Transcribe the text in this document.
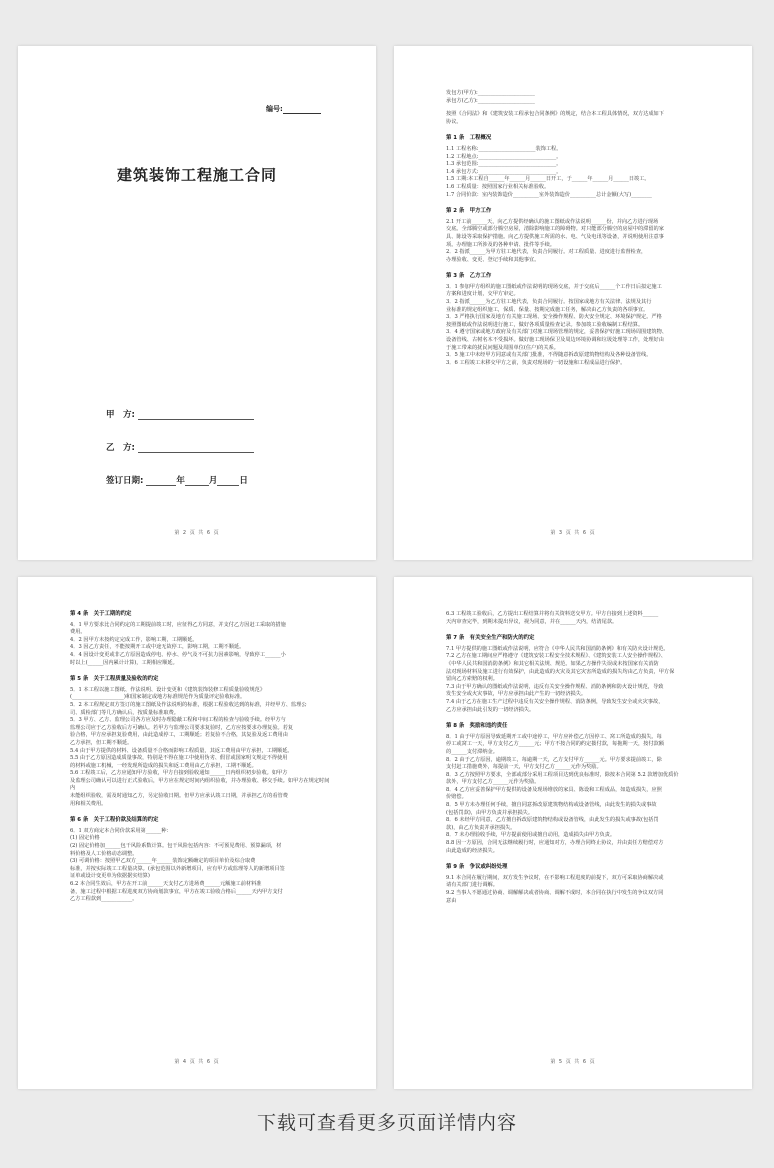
编号:
建筑装饰工程施工合同
甲　方:
乙　方:
签订日期:	年	月	日
第 2 页 共 6 页

发包方(甲方):______________________

承包方(乙方):______________________

按照《合同法》和《建筑安装工程承包合同条例》的规定，结合本工程具体情况，双方达成如下

协议。

第 1 条　工程概况

1.1 工程名称:______________________装饰工程。

1.2 工程地点:______________________________。

1.3 承包范围:______________________________。

1.4 承包方式:______________________________。

1.5 工期:本工程自______年______月______日开工，于______年______月______日竣工。

1.6 工程质量：按照国家行业相关标准验收。

1.7 合同价款：室内装饰造价__________室外装饰造价__________总计金额(大写)________

第 2 条　甲方工作

2.1 开工前______天，向乙方提供经确认的施工图纸或作法说明______份，并向乙方进行现场

交底。全部腾空或部分腾空房屋，清除影响施工的障碍物。对只能部分腾空的房屋中的滞留的家

具、陈设等采取保护措施。向乙方提供施工所需的水、电、气及电讯等设备，并说明使用注意事

项。办理施工所涉及的各种申请、批件等手续。

2．2 指派______为甲方驻工地代表，负责合同履行。对工程质量、进度进行监督检查，

办理验收、变更、登记手续和其他事宜。

第 3 条　乙方工作

3．1 参加甲方组织的施工图纸或作法说明的现场交底，并于交底后______个工作日后拟定施工

方案和进度计划，交甲方审定。

3．2 指派______为乙方驻工地代表，负责合同履行。按国家或地方有关法律、法规及其行

业标准的规定组织施工，保质、保量、按期完成施工任务，解决由乙方负责的各项事宜。

3．3 严格执行国家及地方有关施工现场、安全操作规程、防火安全规定、环境保护规定。严格

按照图纸或作法说明进行施工，做好各项质量检查记录。参加竣工验收编制工程结算。

3．4 遵守国家或地方政府及有关部门对施工现场管理的规定，妥善保护好施工现场周围建筑物、

设备管线、古树名木不受损坏。做好施工现场保卫及周边环境协调和垃圾处理等工作，处理好由

于施工带来的扰民问题及周围单位(住户)的关系。

3．5 施工中未经甲方同意或有关部门批准，不得随意拆改原建筑物结构及各种设备管线。

3．6 工程竣工未移交甲方之前，负责对现场的一切设施和工程成品进行保护。

第 3 页 共 6 页
第 4 条　关于工期的约定

4．1 甲方要求比合同约定的工期提前竣工时，应征得乙方同意，并支付乙方因赶工采取的措施

费用。

4．2 因甲方未按约定完成工作，影响工期，工期顺延。

4．3 因乙方责任，不能按期开工或中途无故停工，影响工期，工期不顺延。

4．4 因设计变更或非乙方原因造成停电、停水、停气及不可抗力因素影响，导致停工______小

时以上(______因内累计计算)，工期相应顺延。

第 5 条　关于工程质量及验收的约定

5．1 本工程以施工图纸、作法说明、设计变更和《建筑装饰装修工程质量验收规范》

(____________________)和国家制定或地方标准规范作为质量评定验收标准。

5．2 本工程规定双方签订的施工图纸及作法说明的标准，根据工程验收达到的标准，并经甲方、监理公

司、质检部门等几方确认后，按质量标准取费。

5．3 甲方、乙方、监理公司各方应及时办理隐蔽工程和中间工程的检查与验收手续。经甲方与

监理公司应于乙方验收后方可确认。若甲方与监理公司要求复验时，乙方应按要求办理复验。若复

验合格，甲方应承担复验费用，由此造成停工，工期顺延；若复验不合格，其复验及返工费用由

乙方承担，但工期不顺延。

5.4 由于甲方提供的材料、设备质量不合格而影响工程质量，其返工费用由甲方承担，工期顺延。

5.5 由于乙方原因造成质量事故，特别是不得在施工中使用伪劣、假冒或国家明文规定不得使用

的材料或施工机械，一经发现所造成的损失和返工费用由乙方承担，工期不顺延。

5.6 工程竣工后，乙方应通知甲方验收，甲方自接到验收通知______日内组织初步验收。如甲方

及监理公司确认可以进行正式验收后，甲方应在规定时间内组织验收，并办理验收、移交手续。如甲方在规定时间内

未能组织验收，需及时通知乙方，另定验收日期。但甲方应承认竣工日期，并承担乙方的看管费

用和相关费用。

第 6 条　关于工程价款及结算的约定

6．1 双方商定本合同价款采用第______种：

(1) 固定价格

(2) 固定价格加______包干风险系数计算。包干风险包括内容：不可预见费用、预算漏项，材

料价格及人工价格动态调整。

(3) 可调价格：按照甲乙双方______年______装饰定额确定的项目单价及综合取费

标准，并按实际竣工工程量决算。(承包范围以外新增项目，应有甲方或监理等人的新增项目签

证单或设计变更单为依据据实结算)

6.2 本合同生效后，甲方在开工前______天支付乙方进场费______元额施工前材料准

备，施工过程中根据工程进度双方协商划款事宜，甲方在竣工验收合格后______天内甲方支付

乙方工程款到____________。

第 4 页 共 6 页

6.3 工程竣工验收后，乙方提出工程结算并将有关资料送交甲方。甲方自接到上述资料______

天内审查完毕，到期未提出异议，视为同意，并在______天内，结清尾款。

第 7 条　有关安全生产和防火的约定

7.1 甲方提供的施工图纸或作法说明，应符合《中华人民共和国消防条例》和有关防火设计规范。

7.2 乙方在施工期间应严格遵守《建筑安装工程安全技术规程》、《建筑安装工人安全操作规程》、

《中华人民共和国消防条例》和其它相关法规、规范。如果乙方操作失误或未按国家有关消防

法对现场材料及施工进行有效保护，由此造成的火灾及其它灾害所造成的损失均由乙方负责，甲方保

留向乙方索赔的权利。

7.3 由于甲方确认的图纸或作法说明，违反有关安全操作规程、消防条例和防火设计规范，导致

发生安全或火灾事故，甲方应承担由此产生的一切经济损失。

7.4 由于乙方在施工生产过程中违反有关安全操作规程、消防条例，导致发生安全或火灾事故，

乙方应承担由此引发的一切经济损失。

第 8 条　奖励和违约责任

8．1 由于甲方原因导致延期开工或中途停工，甲方应补偿乙方因停工、窝工所造成的损失。每

停工或窝工一天，甲方支付乙方______元；甲方不按合同的约定拨付款，每拖期一天，按付款额

的______支付滞纳金。

8．2 由于乙方原因，逾期竣工，每逾期一天，乙方支付甲方______元。甲方要求提前竣工，除

支付赶工措施费外，每提前一天，甲方支付乙方______元作为奖励。

8．3 乙方按照甲方要求，全部或部分采用工程项目达到优良标准时，除按本合同第 5.2 款增加优质价

款外，甲方支付乙方______元作为奖励。

8．4 乙方应妥善保护甲方提供的设备及现场堆放的家具、陈设和工程成品，如造成损失，应照

价赔偿。

8．5 甲方未办理任何手续，擅自同意拆改原建筑物结构或设备管线，由此发生的损失或事故

(包括罚款)，由甲方负责并承担损失。

8．6 未经甲方同意，乙方擅自拆改原建筑物结构或设备管线，由此发生的损失或事故(包括罚

款)，由乙方负责并承担损失。

8．7 未办理验收手续，甲方提前使用或擅自动用，造成损失由甲方负责。

8.8 因一方原因，合同无法继续履行时，应通知对方，办理合同终止协议，并由责任方赔偿对方

由此造成的经济损失。

第 9 条　争议或纠纷处理

9.1 本合同在履行期间，双方发生争议时，在不影响工程进度的前提下，双方可采取协商解决或

请有关部门进行调解。

9.2 当事人不愿通过协商、调解解决或者协商、调解不成时，本合同在执行中发生的争议双方同

意由

第 5 页 共 6 页
下载可查看更多页面详情内容
